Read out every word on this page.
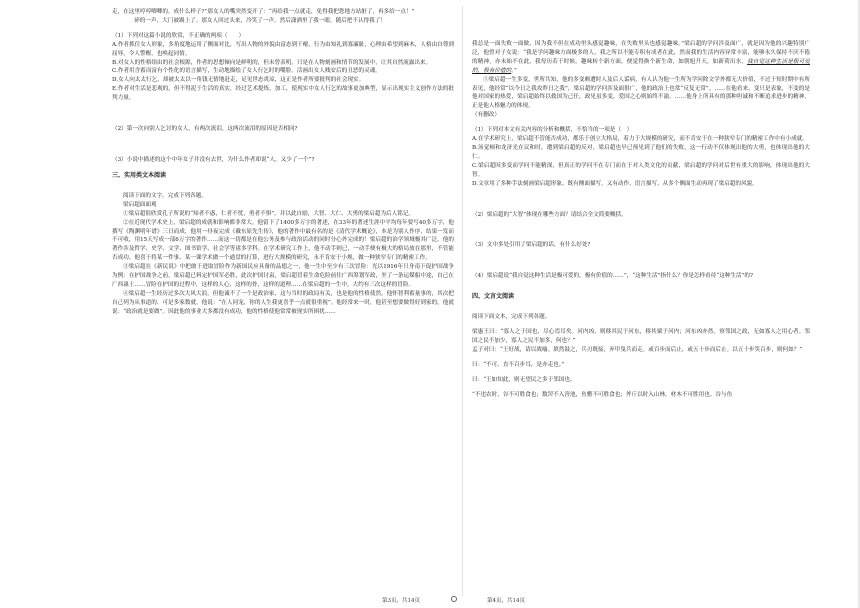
走，在这里哼哼唧唧的，成什么样子?”那女人的嘴突然变开了：“再给我一点就走，免得我把您地方站脏了，再多给一点！”

　　碎的一声，大门被踢上了。那女人回过头来，冷笑了一声，然后潇洒里了我一眼，随后把不认得我了！

（1）下列对这篇小说的欣赏，不正确的两项（　　）

A.作者抓住女人形象，多角度地运用了侧面对比，写出人物的外貌由富态到干瘪，行为由知礼到寡廉耻，心理由希望到麻木，人格由自尊到屈辱，令人警醒，也唤起同情。

B.对女人的性格组由的社会根源，作者的思想倾向是鲜明的，但未曾表明，只是在人物刻画和情节的发展中，让其自然流露出来。

C.作者用含蓄而富有个性化的语言描写，生动地描绘了女人行乞时的嘴脸，活画出女人贱安后的丑恶的灵魂。

D.女人向太太行乞，却被太太以一角钱无情地赶走，足见世态炎凉，这正是作者所要批判的社会现实。

E.作者对生活是悲观的，但不得泥于生活的真实，经过艺术提炼，加工，使现实中女人行乞的故事更加典型，显示出现实主义创作方法的批判力量。

（2）第一次向别人乞讨的女人，有两次流泪，这两次流泪的原因是否相同?

（3）小说中描述的这个中年女子井没有去世，为什么作者却说“人，又少了一个”?

三、实用类文本阅读

阅读下面的文字，完成下列各题。

梁启超面面观

①梁启超很欣赏孔子所说的“知者不惑，仁者不忧，勇者不惧”，并以此自励，大智、大仁、大勇的梁启超为后人铭记。

②在近现代学术史上，梁启超的成就和影响都非常大。他留下了1400多万字的著述，在33年的著述生涯中平均每年要写40多万字，他撰写《陶渊明年谱》三日而成，他用一昼夜完成《戴东原先生传》，他的著作中最有名的是《清代学术概论》，本是为别人作序，结果一发而不可收，用15天写成一部6万字的著作……而这一切都是在他公务及参与政治活动的同时分心外完成的！梁启超的治学领域极其广泛，他的著作涉及哲学、史学、文学、图书馆学、社会学等诸多学科。在学术研究工作上，他不动手则已，一动手便有极大的格局放在那里，不管能否成功。他喜于将某一件事、某一课学术做一个通盘的打算，进行大规模的研究，永不肯安于小规，做一种狭窄专门的精密工作。

③梁启超在《新民说》中把敢于进取冒险作为新国民应具备的品德之一，他一生中至少有三次冒险：光以1916年只身南下促护国战争为例：在护国战争之前，梁启超已料定护国军必胜，此次护国讨袁，梁启超冒着生命危险前往广西筹划军政，坐了一条运煤船中途，自己在广西蛊土……冒险在护国的过程中，这样的人心，这样的骨，这样的道理……在梁启超的一生中，大约有三次这样的冒险。

④梁启超一生经历过多次大风大浪，但他诚不了一个是政治家，这与当时的政局有关，也是他的性格使然，他怀智利蓄量事的，其次把自己列为从事道的、可是多家数就，他说：“在人同宠，你的人生我更喜乎一点就很重视”。他经常来一时，他甚至想要做得好到家的，他就说：“政治就是要做”。因此他的事业大多都没有成功，他的性格使他常常被现实所困扰……

我总是一面失败一面做，因为我不但在成功里头感觉趣味，在失败里头也感觉趣味。”梁启超的学问涉及面广，就是因为他的兴趣特别广泛，他曾对子女说：“我是学问趣味方面极多的人，我之所以不能专积有成者在此，然而我的生活内容异常丰富，能够永久保持不厌不倦的精神，亦未始不在此，我每历若干时候，趣味转个新方面，便觉得换个新生命，如朝旭升天，如新荷出水，我自觉这种生活是极可爱的，极有价值的。”

⑤梁启超一生多变，世所共知，他的多变颇遭时人及后人诟病，有人认为他一生所为学问除文学外都无大价值，不过于短时期中有所表见，他经常“以今日之我攻昨日之我”，梁启超的学问涉及面很广，他的政治上也常“反复无常”。……在他看来，变只是表象，不变的是他对国家的热爱，梁启超始终以救国为己任，政见虽多变，爱国之心则始终不渝。……他身上所具有的那种坦诚和不断追求进步的精神，正是他人格魅力的体现。

（有删改）

（1）下列对本文有关内容的分析和概括，不恰当的一项是（　）

A.在学术研究上，梁启超不管能否成功，都乐于创立大格局，着力于大规模的研究，而不肯安于在一种狭窄专门的精密工作中有小成就。

B.汤觉顿和龙济光在议和时，遭到梁启超的反对，梁启超也早已预见到了他们的失败，这一行动不仅体现出他的大勇，也体现出他的大仁。

C.梁启超因多变而学问不能精深，但真正的学问不在专门而在于对人类文化的贡献，梁启超的学问对后世有重大的影响，体现出他的大智。

D.文章用了多种手法刻画梁启超形象，既有侧面描写，又有动作、语言描写，从多个侧面生动再现了梁启超的风貌。

（2）梁启超的“大智”体现在哪些方面？请结合全文简要概括。

（3）文中多处引用了梁启超的话，有什么好处?

（4）梁启超说“我自觉这种生活是极可爱的，极有价值的……”，“这种生活”指什么？你是怎样看待“这种生活”的?

四、文言文阅读

阅读下面文本，完成下列各题。

梁惠王曰：“寡人之于国也，尽心焉耳矣。河内凶，则移其民于河东，移其粟于河内；河东凶亦然。察邻国之政，无如寡人之用心者。邻国之民不加少，寡人之民不加多，何也？”

孟子对曰：“王好战，请以战喻。填然鼓之，兵刃既接，弃甲曳兵而走。或百步而后止，或五十步而后止。以五十步笑百步，则何如？”

曰：“不可，直不百步耳，是亦走也。”

曰：“王如知此，则无望民之多于邻国也。

“不违农时，谷不可胜食也；数罟不入洿池，鱼鳖不可胜食也；斧斤以时入山林，材木不可胜用也。谷与鱼

第3页，共14页	第4页，共14页
